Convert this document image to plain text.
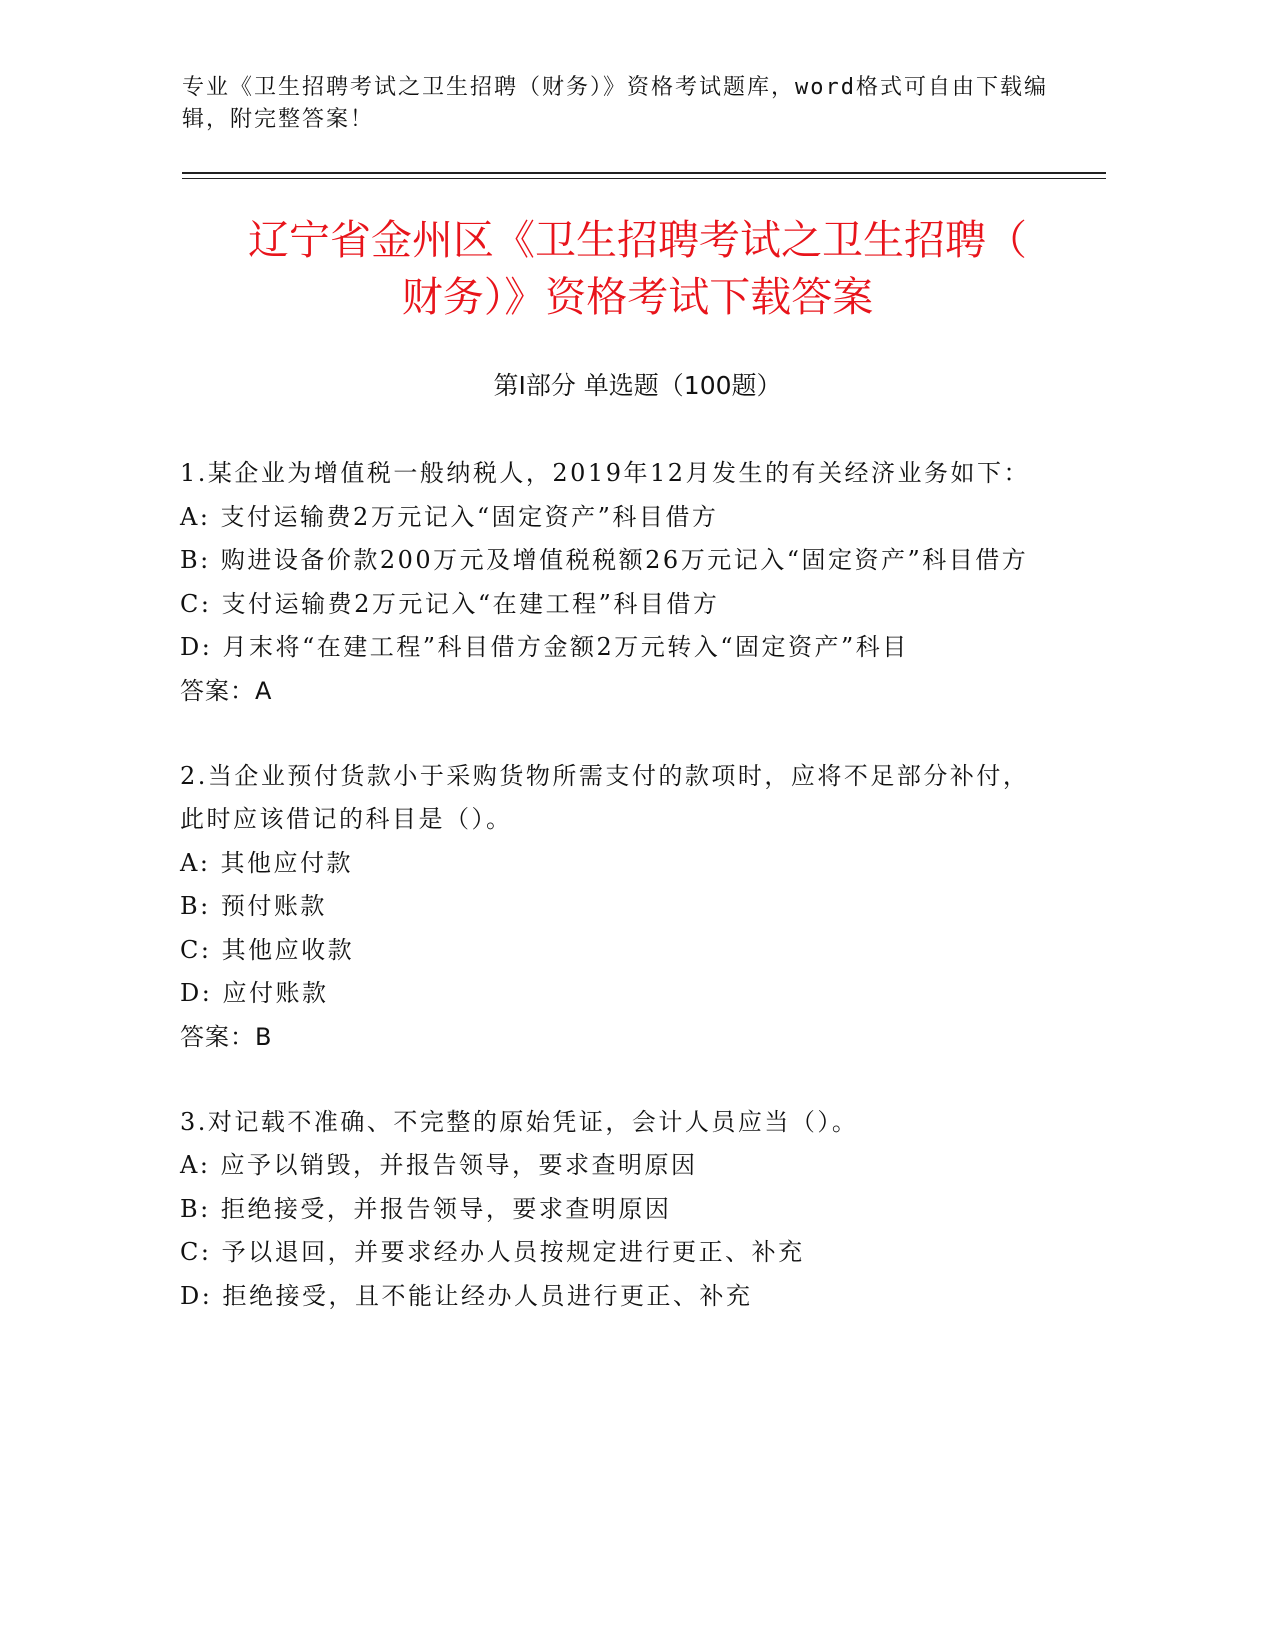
专业《卫生招聘考试之卫生招聘（财务）》资格考试题库，word格式可自由下载编辑，附完整答案！
辽宁省金州区《卫生招聘考试之卫生招聘（
财务）》资格考试下载答案
第Ⅰ部分 单选题（100题）
1.某企业为增值税一般纳税人，2019年12月发生的有关经济业务如下：
A: 支付运输费2万元记入“固定资产”科目借方
B: 购进设备价款200万元及增值税税额26万元记入“固定资产”科目借方
C: 支付运输费2万元记入“在建工程”科目借方
D: 月末将“在建工程”科目借方金额2万元转入“固定资产”科目
答案：A
2.当企业预付货款小于采购货物所需支付的款项时，应将不足部分补付，此时应该借记的科目是（）。
A: 其他应付款
B: 预付账款
C: 其他应收款
D: 应付账款
答案：B
3.对记载不准确、不完整的原始凭证，会计人员应当（）。
A: 应予以销毁，并报告领导，要求查明原因
B: 拒绝接受，并报告领导，要求查明原因
C: 予以退回，并要求经办人员按规定进行更正、补充
D: 拒绝接受，且不能让经办人员进行更正、补充
